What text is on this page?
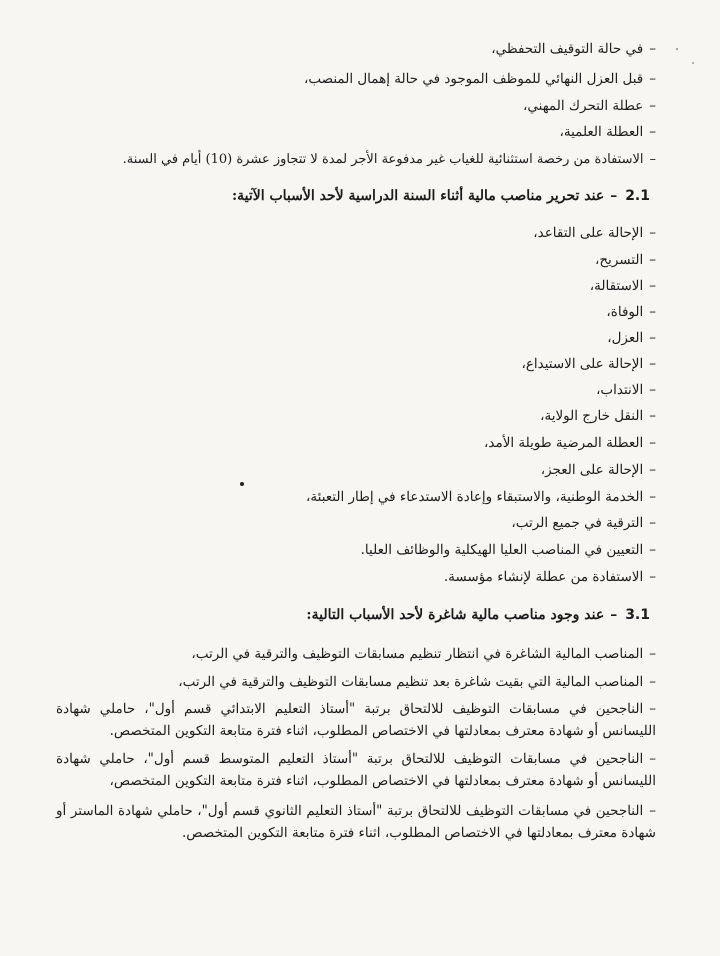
–في حالة التوقيف التحفظي،
–قبل العزل النهائي للموظف الموجود في حالة إهمال المنصب،
–عطلة التحرك المهني،
–العطلة العلمية،
–الاستفادة من رخصة استثنائية للغياب غير مدفوعة الأجر لمدة لا تتجاوز عشرة (10) أيام في السنة.
2.1–عند تحرير مناصب مالية أثناء السنة الدراسية لأحد الأسباب الآتية:
–الإحالة على التقاعد،
–التسريح،
–الاستقالة،
–الوفاة،
–العزل،
–الإحالة على الاستيداع،
–الانتداب،
–النقل خارج الولاية،
–العطلة المرضية طويلة الأمد،
–الإحالة على العجز،
–الخدمة الوطنية، والاستبقاء وإعادة الاستدعاء في إطار التعبئة،
–الترقية في جميع الرتب،
–التعيين في المناصب العليا الهيكلية والوظائف العليا.
–الاستفادة من عطلة لإنشاء مؤسسة.
3.1–عند وجود مناصب مالية شاغرة لأحد الأسباب التالية:
–المناصب المالية الشاغرة في انتظار تنظيم مسابقات التوظيف والترقية في الرتب،
–المناصب المالية التي بقيت شاغرة بعد تنظيم مسابقات التوظيف والترقية في الرتب،
–الناجحين في مسابقات التوظيف للالتحاق برتبة "أستاذ التعليم الابتدائي قسم أول"، حاملي شهادة الليسانس أو شهادة معترف بمعادلتها في الاختصاص المطلوب، اثناء فترة متابعة التكوين المتخصص.
–الناجحين في مسابقات التوظيف للالتحاق برتبة "أستاذ التعليم المتوسط قسم أول"، حاملي شهادة الليسانس أو شهادة معترف بمعادلتها في الاختصاص المطلوب، اثناء فترة متابعة التكوين المتخصص،
–الناجحين في مسابقات التوظيف للالتحاق برتبة "أستاذ التعليم الثانوي قسم أول"، حاملي شهادة الماستر أو شهادة معترف بمعادلتها في الاختصاص المطلوب، اثناء فترة متابعة التكوين المتخصص.
